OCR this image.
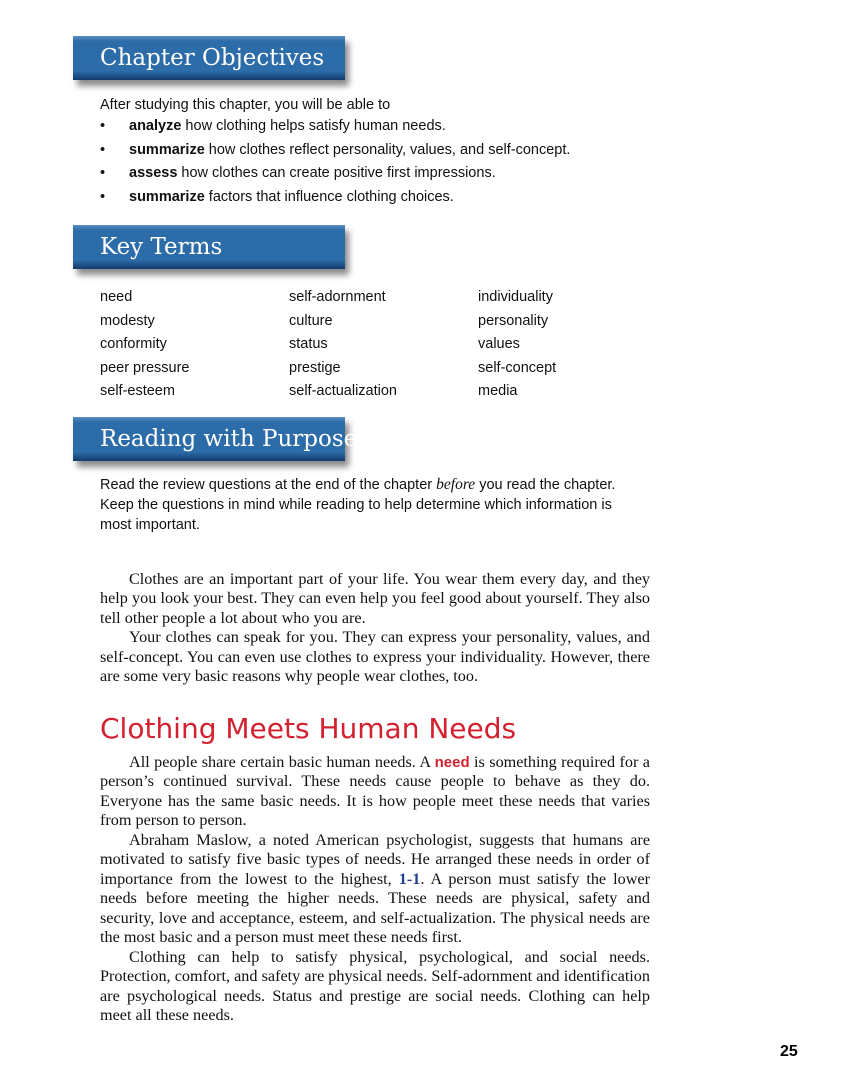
Chapter Objectives
After studying this chapter, you will be able to
• analyze how clothing helps satisfy human needs.
• summarize how clothes reflect personality, values, and self-concept.
• assess how clothes can create positive first impressions.
• summarize factors that influence clothing choices.
Key Terms
need	self-adornment	individuality
modesty	culture	personality
conformity	status	values
peer pressure	prestige	self-concept
self-esteem	self-actualization	media
Reading with Purpose
Read the review questions at the end of the chapter before you read the chapter.
Keep the questions in mind while reading to help determine which information is
most important.

Clothes are an important part of your life. You wear them every day, and they help you look your best. They can even help you feel good about yourself. They also tell other people a lot about who you are.

Your clothes can speak for you. They can express your personality, values, and self-concept. You can even use clothes to express your individuality. However, there are some very basic reasons why people wear clothes, too.

Clothing Meets Human Needs

All people share certain basic human needs. A need is something required for a person’s continued survival. These needs cause people to behave as they do. Everyone has the same basic needs. It is how people meet these needs that varies from person to person.

Abraham Maslow, a noted American psychologist, suggests that humans are motivated to satisfy five basic types of needs. He arranged these needs in order of importance from the lowest to the highest, 1-1. A person must satisfy the lower needs before meeting the higher needs. These needs are physical, safety and security, love and acceptance, esteem, and self-actualization. The physical needs are the most basic and a person must meet these needs first.

Clothing can help to satisfy physical, psychological, and social needs. Protection, comfort, and safety are physical needs. Self-adornment and identification are psychological needs. Status and prestige are social needs. Clothing can help meet all these needs.

25
